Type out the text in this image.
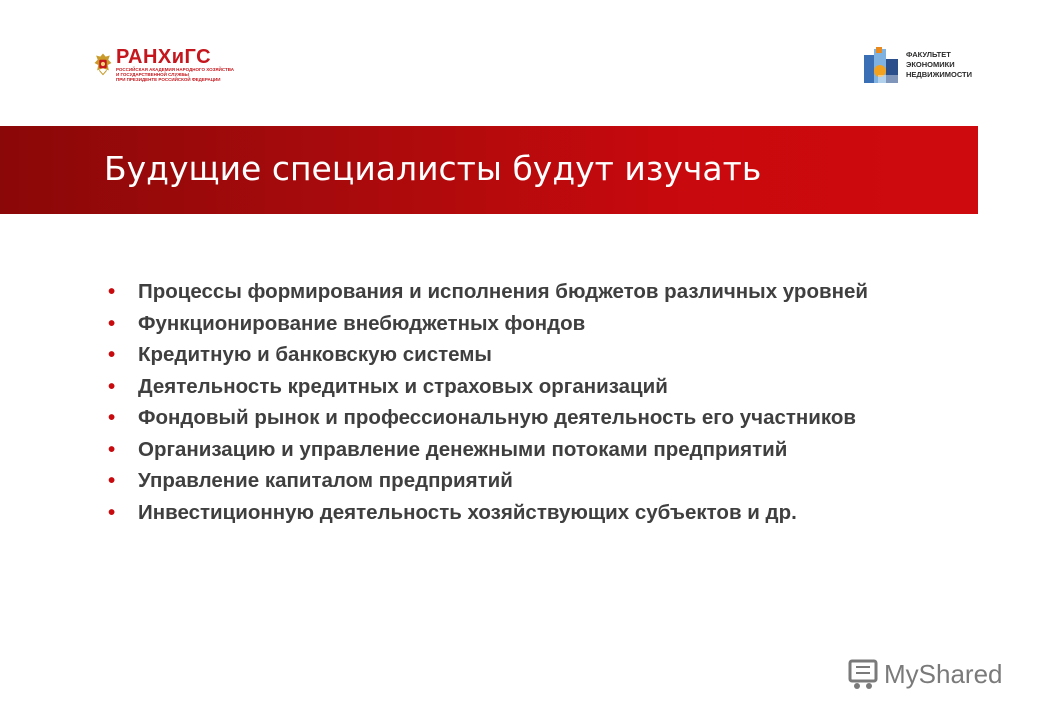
РАНХиГС
РОССИЙСКАЯ АКАДЕМИЯ НАРОДНОГО ХОЗЯЙСТВА
И ГОСУДАРСТВЕННОЙ СЛУЖБЫ
ПРИ ПРЕЗИДЕНТЕ РОССИЙСКОЙ ФЕДЕРАЦИИ
ФАКУЛЬТЕТ
ЭКОНОМИКИ
НЕДВИЖИМОСТИ
Будущие специалисты будут изучать
• Процессы формирования и исполнения бюджетов различных уровней
• Функционирование внебюджетных фондов
• Кредитную и банковскую системы
• Деятельность кредитных и страховых организаций
• Фондовый рынок и профессиональную деятельность его участников
• Организацию и управление денежными потоками предприятий
• Управление капиталом предприятий
• Инвестиционную деятельность хозяйствующих субъектов и др.
MyShared
